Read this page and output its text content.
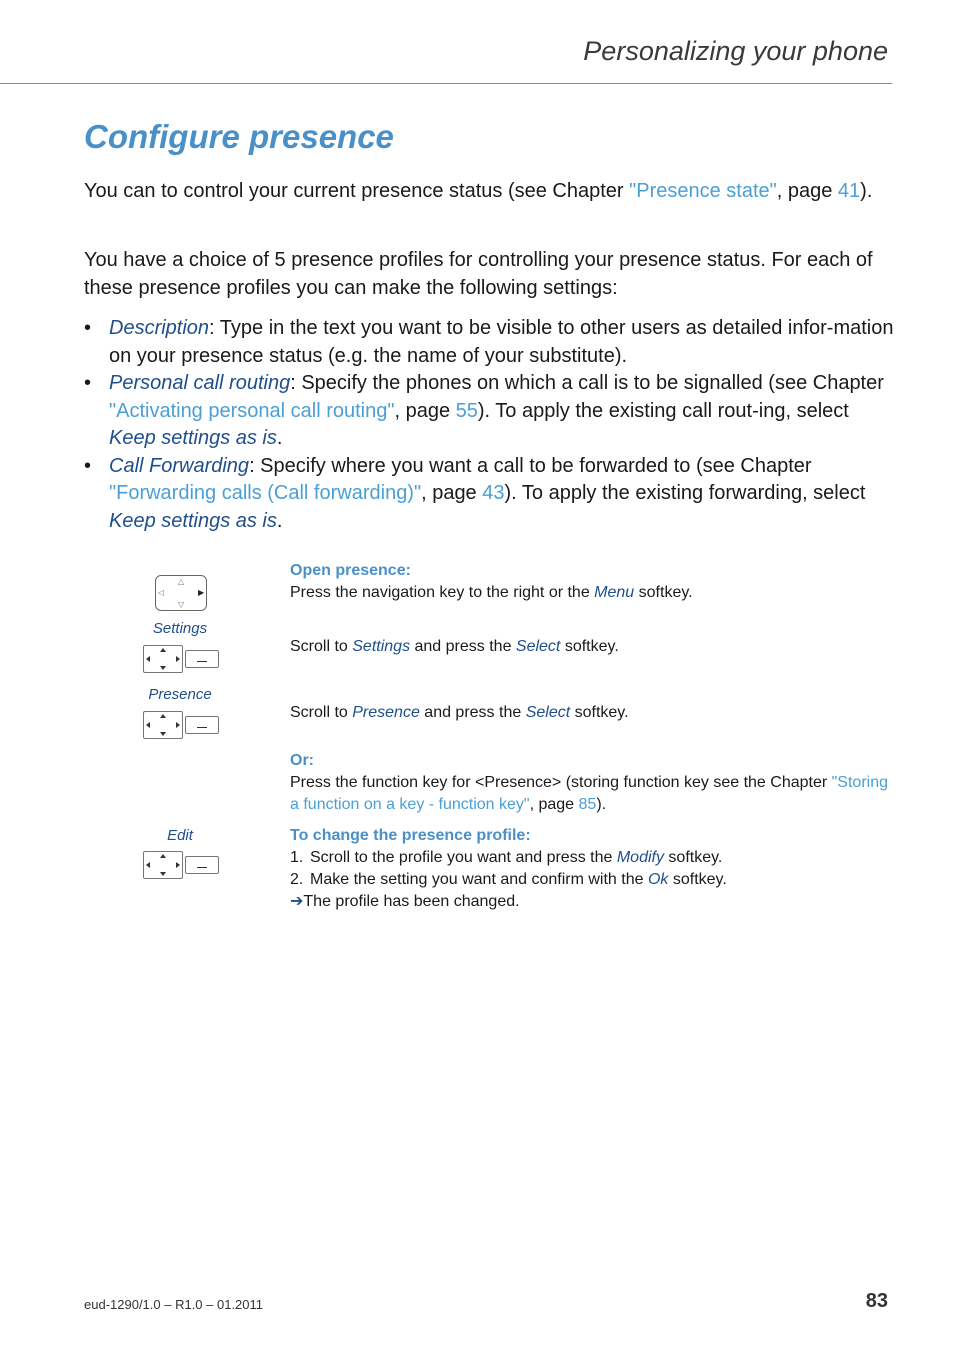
Personalizing your phone
Configure presence

You can to control your current presence status (see Chapter "Presence state", page 41).

You have a choice of 5 presence profiles for controlling your presence status. For each of these presence profiles you can make the following settings:

• Description: Type in the text you want to be visible to other users as detailed infor-mation on your presence status (e.g. the name of your substitute).
• Personal call routing: Specify the phones on which a call is to be signalled (see Chapter "Activating personal call routing", page 55). To apply the existing call rout-ing, select Keep settings as is.
• Call Forwarding: Specify where you want a call to be forwarded to (see Chapter "Forwarding calls (Call forwarding)", page 43). To apply the existing forwarding, select Keep settings as is.
△
▽
◁	▶
Open presence:
Press the navigation key to the right or the Menu softkey.
Settings
Scroll to Settings and press the Select softkey.
Presence
Scroll to Presence and press the Select softkey.
Or:
Press the function key for <Presence> (storing function key see the Chapter "Storing a function on a key - function key", page 85).
Edit	To change the presence profile:
1. Scroll to the profile you want and press the Modify softkey.
2. Make the setting you want and confirm with the Ok softkey.
➔The profile has been changed.
eud-1290/1.0 – R1.0 – 01.2011	83
